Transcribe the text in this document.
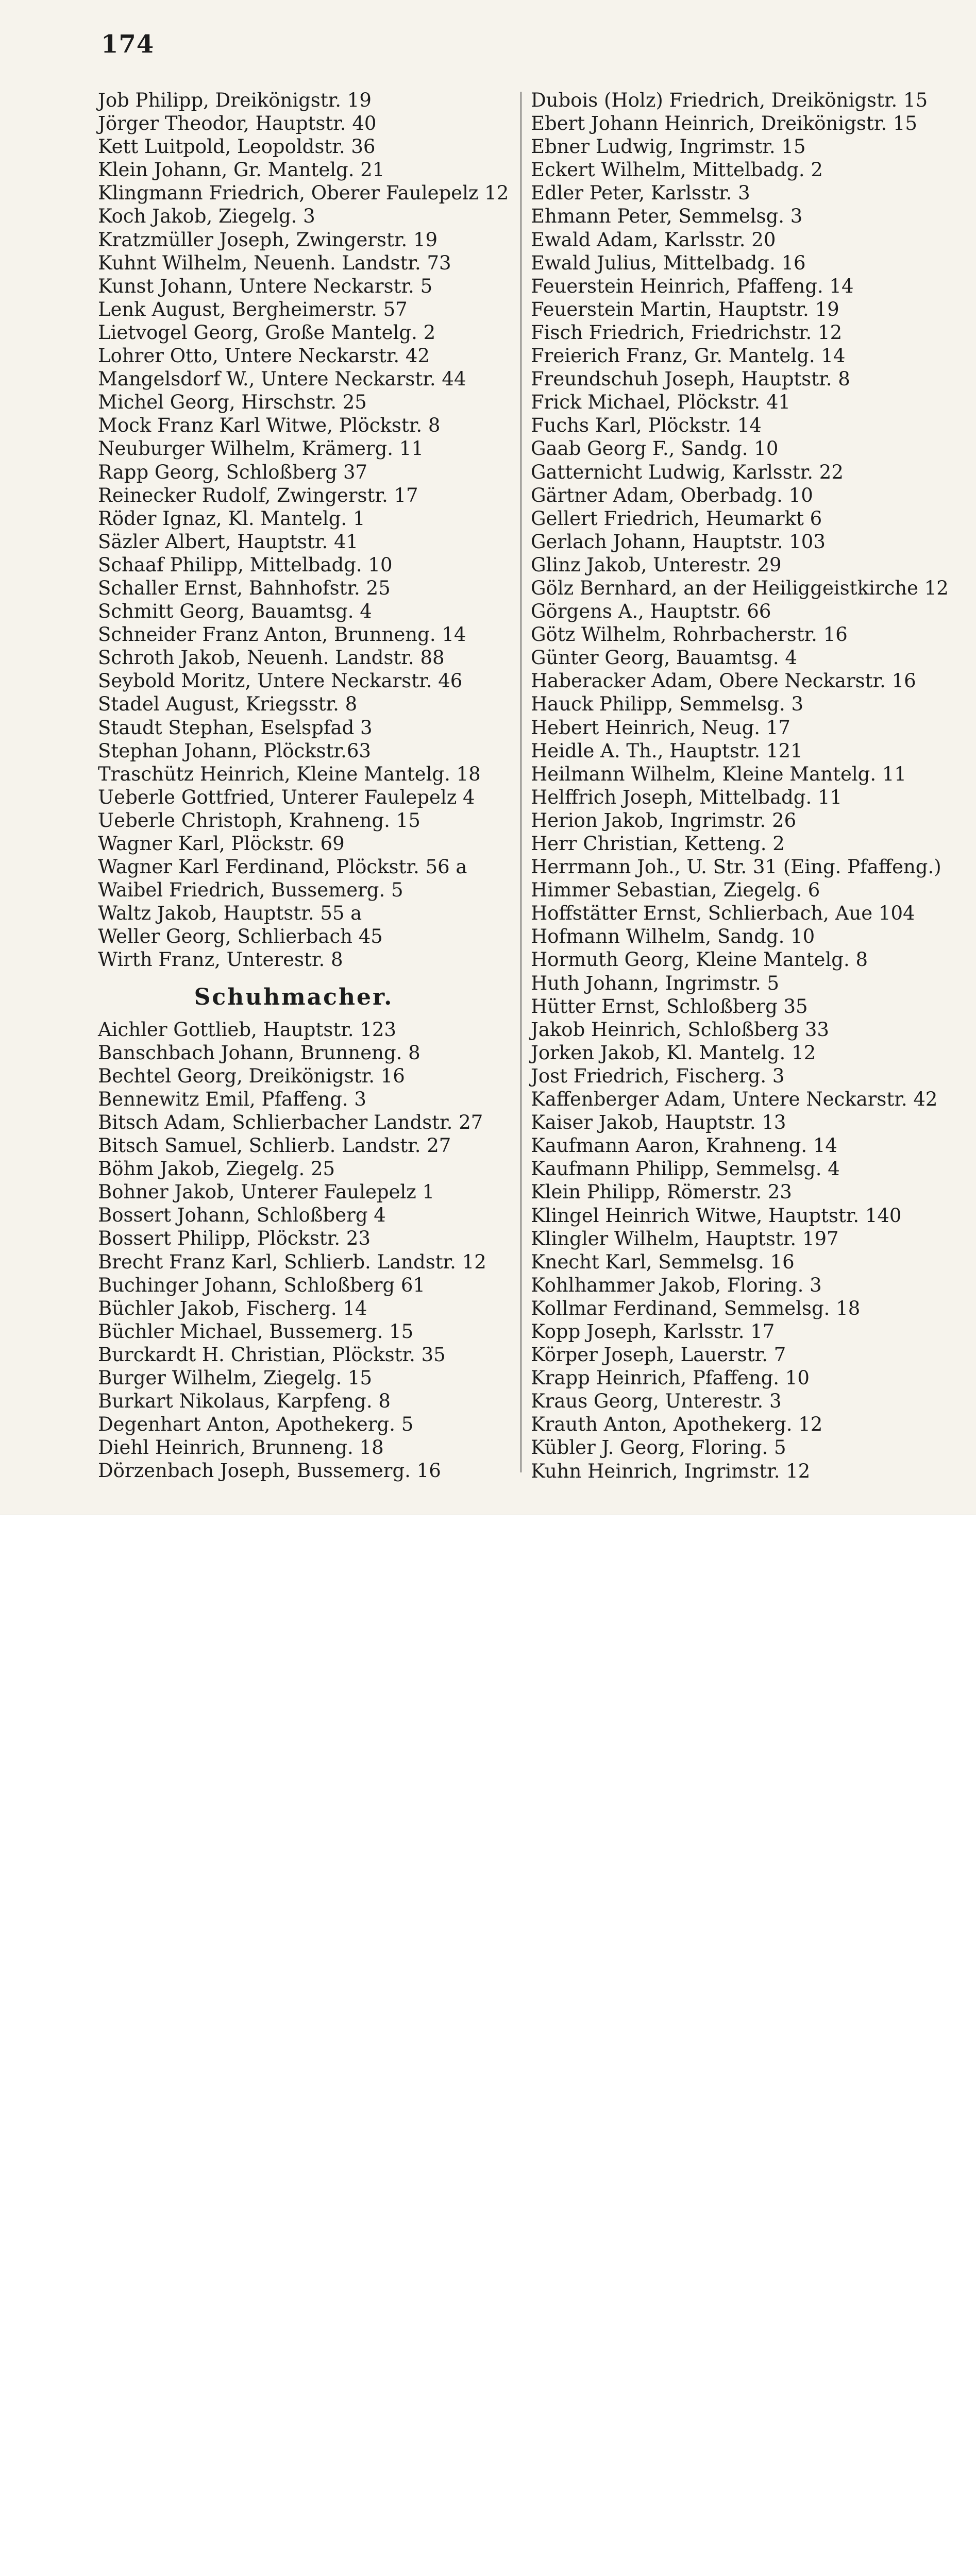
174
Job Philipp, Dreikönigstr. 19
Jörger Theodor, Hauptstr. 40
Kett Luitpold, Leopoldstr. 36
Klein Johann, Gr. Mantelg. 21
Klingmann Friedrich, Oberer Faulepelz 12
Koch Jakob, Ziegelg. 3
Kratzmüller Joseph, Zwingerstr. 19
Kuhnt Wilhelm, Neuenh. Landstr. 73
Kunst Johann, Untere Neckarstr. 5
Lenk August, Bergheimerstr. 57
Lietvogel Georg, Große Mantelg. 2
Lohrer Otto, Untere Neckarstr. 42
Mangelsdorf W., Untere Neckarstr. 44
Michel Georg, Hirschstr. 25
Mock Franz Karl Witwe, Plöckstr. 8
Neuburger Wilhelm, Krämerg. 11
Rapp Georg, Schloßberg 37
Reinecker Rudolf, Zwingerstr. 17
Röder Ignaz, Kl. Mantelg. 1
Säzler Albert, Hauptstr. 41
Schaaf Philipp, Mittelbadg. 10
Schaller Ernst, Bahnhofstr. 25
Schmitt Georg, Bauamtsg. 4
Schneider Franz Anton, Brunneng. 14
Schroth Jakob, Neuenh. Landstr. 88
Seybold Moritz, Untere Neckarstr. 46
Stadel August, Kriegsstr. 8
Staudt Stephan, Eselspfad 3
Stephan Johann, Plöckstr.63
Traschütz Heinrich, Kleine Mantelg. 18
Ueberle Gottfried, Unterer Faulepelz 4
Ueberle Christoph, Krahneng. 15
Wagner Karl, Plöckstr. 69
Wagner Karl Ferdinand, Plöckstr. 56 a
Waibel Friedrich, Bussemerg. 5
Waltz Jakob, Hauptstr. 55 a
Weller Georg, Schlierbach 45
Wirth Franz, Unterestr. 8
Schuhmacher.
Aichler Gottlieb, Hauptstr. 123
Banschbach Johann, Brunneng. 8
Bechtel Georg, Dreikönigstr. 16
Bennewitz Emil, Pfaffeng. 3
Bitsch Adam, Schlierbacher Landstr. 27
Bitsch Samuel, Schlierb. Landstr. 27
Böhm Jakob, Ziegelg. 25
Bohner Jakob, Unterer Faulepelz 1
Bossert Johann, Schloßberg 4
Bossert Philipp, Plöckstr. 23
Brecht Franz Karl, Schlierb. Landstr. 12
Buchinger Johann, Schloßberg 61
Büchler Jakob, Fischerg. 14
Büchler Michael, Bussemerg. 15
Burckardt H. Christian, Plöckstr. 35
Burger Wilhelm, Ziegelg. 15
Burkart Nikolaus, Karpfeng. 8
Degenhart Anton, Apothekerg. 5
Diehl Heinrich, Brunneng. 18
Dörzenbach Joseph, Bussemerg. 16
Dubois (Holz) Friedrich, Dreikönigstr. 15
Ebert Johann Heinrich, Dreikönigstr. 15
Ebner Ludwig, Ingrimstr. 15
Eckert Wilhelm, Mittelbadg. 2
Edler Peter, Karlsstr. 3
Ehmann Peter, Semmelsg. 3
Ewald Adam, Karlsstr. 20
Ewald Julius, Mittelbadg. 16
Feuerstein Heinrich, Pfaffeng. 14
Feuerstein Martin, Hauptstr. 19
Fisch Friedrich, Friedrichstr. 12
Freierich Franz, Gr. Mantelg. 14
Freundschuh Joseph, Hauptstr. 8
Frick Michael, Plöckstr. 41
Fuchs Karl, Plöckstr. 14
Gaab Georg F., Sandg. 10
Gatternicht Ludwig, Karlsstr. 22
Gärtner Adam, Oberbadg. 10
Gellert Friedrich, Heumarkt 6
Gerlach Johann, Hauptstr. 103
Glinz Jakob, Unterestr. 29
Gölz Bernhard, an der Heiliggeistkirche 12
Görgens A., Hauptstr. 66
Götz Wilhelm, Rohrbacherstr. 16
Günter Georg, Bauamtsg. 4
Haberacker Adam, Obere Neckarstr. 16
Hauck Philipp, Semmelsg. 3
Hebert Heinrich, Neug. 17
Heidle A. Th., Hauptstr. 121
Heilmann Wilhelm, Kleine Mantelg. 11
Helffrich Joseph, Mittelbadg. 11
Herion Jakob, Ingrimstr. 26
Herr Christian, Ketteng. 2
Herrmann Joh., U. Str. 31 (Eing. Pfaffeng.)
Himmer Sebastian, Ziegelg. 6
Hoffstätter Ernst, Schlierbach, Aue 104
Hofmann Wilhelm, Sandg. 10
Hormuth Georg, Kleine Mantelg. 8
Huth Johann, Ingrimstr. 5
Hütter Ernst, Schloßberg 35
Jakob Heinrich, Schloßberg 33
Jorken Jakob, Kl. Mantelg. 12
Jost Friedrich, Fischerg. 3
Kaffenberger Adam, Untere Neckarstr. 42
Kaiser Jakob, Hauptstr. 13
Kaufmann Aaron, Krahneng. 14
Kaufmann Philipp, Semmelsg. 4
Klein Philipp, Römerstr. 23
Klingel Heinrich Witwe, Hauptstr. 140
Klingler Wilhelm, Hauptstr. 197
Knecht Karl, Semmelsg. 16
Kohlhammer Jakob, Floring. 3
Kollmar Ferdinand, Semmelsg. 18
Kopp Joseph, Karlsstr. 17
Körper Joseph, Lauerstr. 7
Krapp Heinrich, Pfaffeng. 10
Kraus Georg, Unterestr. 3
Krauth Anton, Apothekerg. 12
Kübler J. Georg, Floring. 5
Kuhn Heinrich, Ingrimstr. 12
